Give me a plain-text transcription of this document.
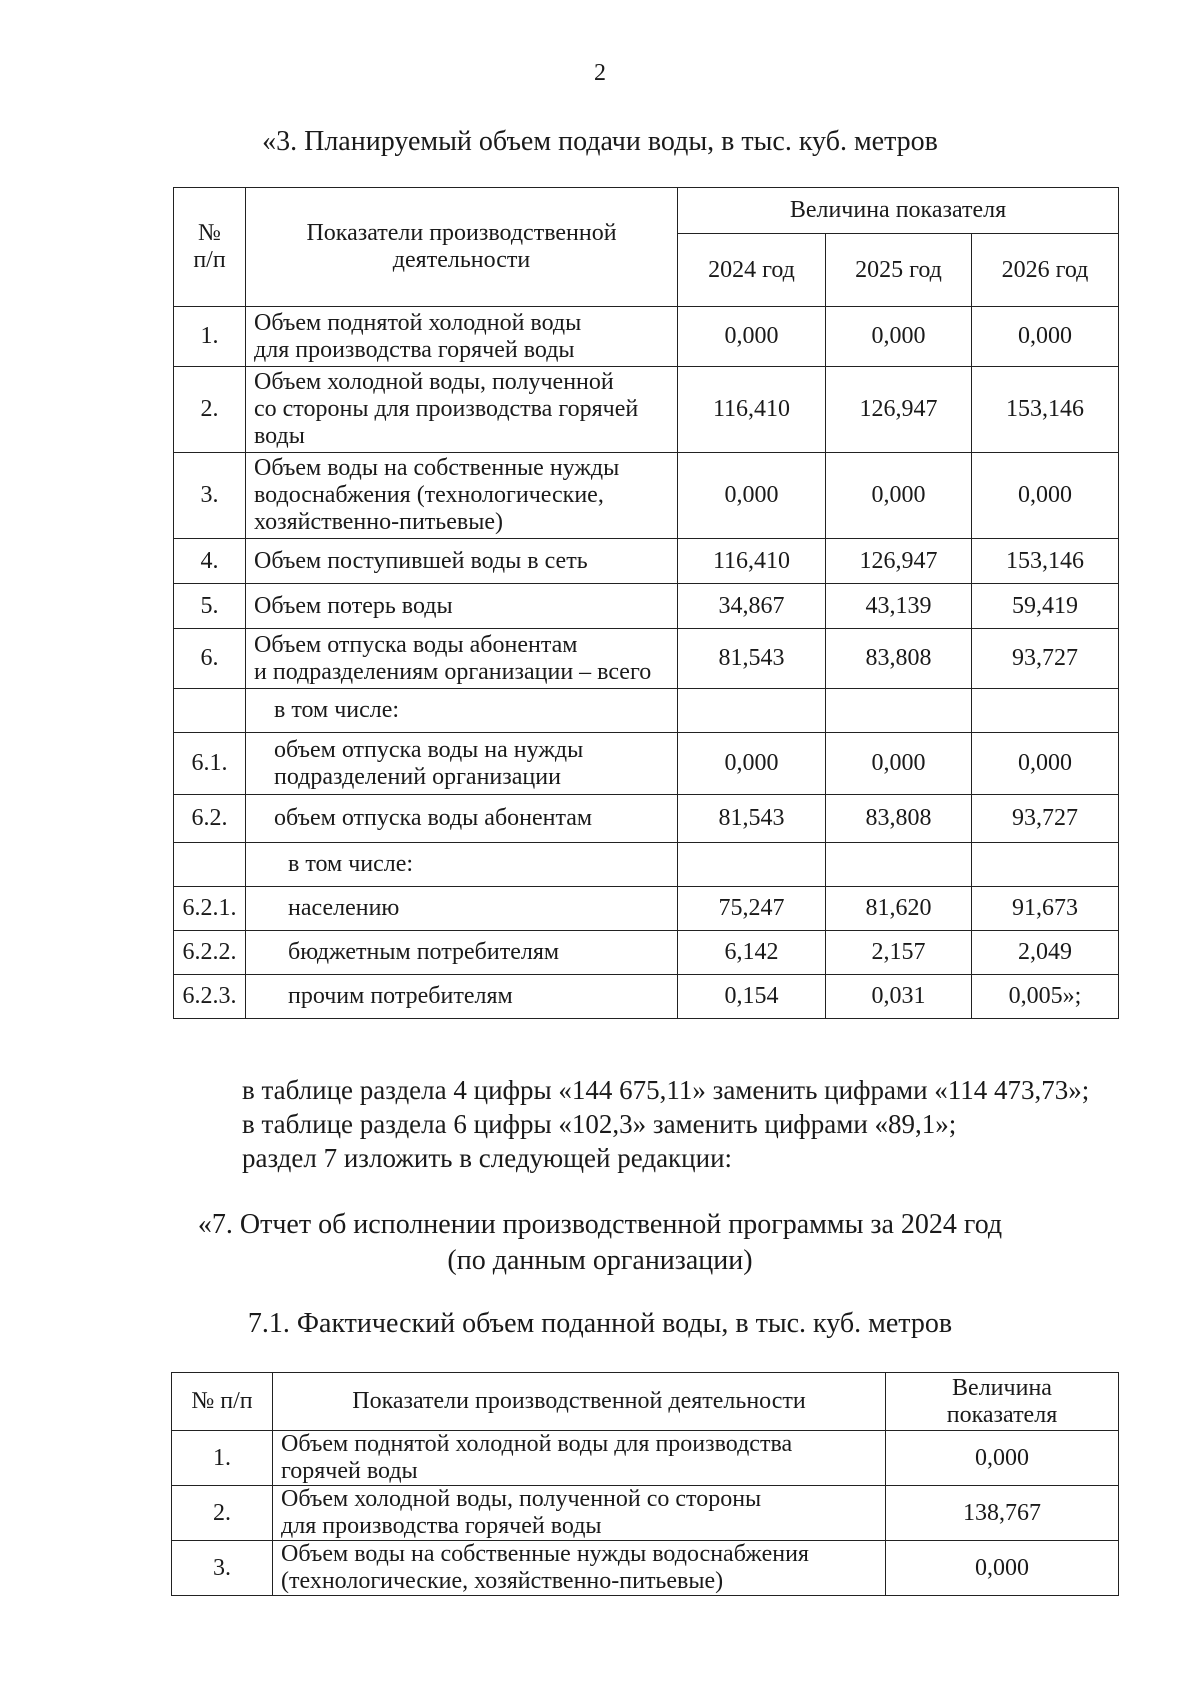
2
«3. Планируемый объем подачи воды, в тыс. куб. метров
№ п/п	Показатели производственной деятельности	Величина показателя		
		2024 год	2025 год	2026 год
1.	Объем поднятой холодной воды
для производства горячей воды	0,000	0,000	0,000
2.	Объем холодной воды, полученной
со стороны для производства горячей
воды	116,410	126,947	153,146
3.	Объем воды на собственные нужды
водоснабжения (технологические,
хозяйственно-питьевые)	0,000	0,000	0,000
4.	Объем поступившей воды в сеть	116,410	126,947	153,146
5.	Объем потерь воды	34,867	43,139	59,419
6.	Объем отпуска воды абонентам
и подразделениям организации – всего	81,543	83,808	93,727

	в том числе:			

6.1.	объем отпуска воды на нужды
подразделений организации	0,000	0,000	0,000
6.2.	объем отпуска воды абонентам	81,543	83,808	93,727

	в том числе:			

6.2.1.	населению	75,247	81,620	91,673
6.2.2.	бюджетным потребителям	6,142	2,157	2,049
6.2.3.	прочим потребителям	0,154	0,031	0,005»;
в таблице раздела 4 цифры «144 675,11» заменить цифрами «114 473,73»;
в таблице раздела 6 цифры «102,3» заменить цифрами «89,1»;
раздел 7 изложить в следующей редакции:
«7. Отчет об исполнении производственной программы за 2024 год
(по данным организации)
7.1. Фактический объем поданной воды, в тыс. куб. метров
№ п/п	Показатели производственной деятельности	Величина
показателя

1.	Объем поднятой холодной воды для производства
горячей воды	0,000
2.	Объем холодной воды, полученной со стороны
для производства горячей воды	138,767
3.	Объем воды на собственные нужды водоснабжения
(технологические, хозяйственно-питьевые)	0,000
